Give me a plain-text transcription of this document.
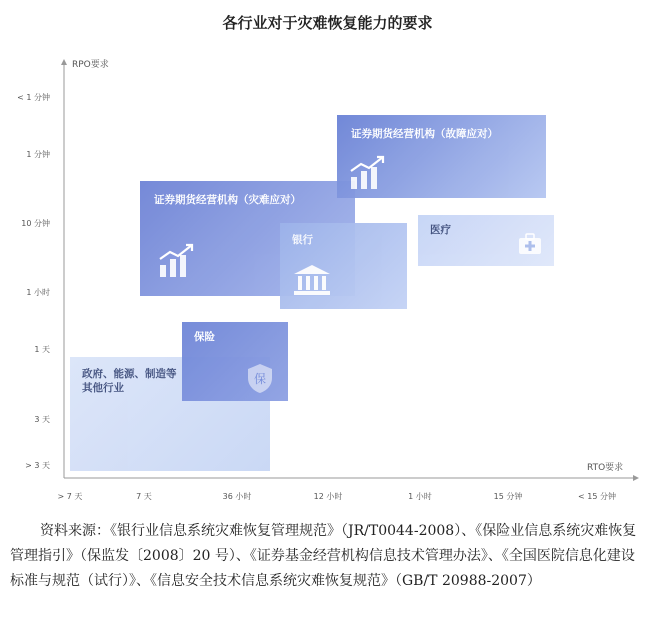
各行业对于灾难恢复能力的要求
RPO要求
RTO要求
< 1 分钟
1 分钟
10 分钟
1 小时
1 天
3 天
> 3 天
> 7 天	7 天	36 小时	12 小时	1 小时	15 分钟	< 15 分钟
政府、能源、制造等其他行业
保险
保
证券期货经营机构（灾难应对）
银行
证券期货经营机构（故障应对）
医疗
资料来源：《银行业信息系统灾难恢复管理规范》（JR/T0044-2008）、《保险业信息系统灾难恢复管理指引》（保监发〔2008〕20 号）、《证券基金经营机构信息技术管理办法》、《全国医院信息化建设标准与规范（试行）》、《信息安全技术信息系统灾难恢复规范》（GB/T 20988-2007）
